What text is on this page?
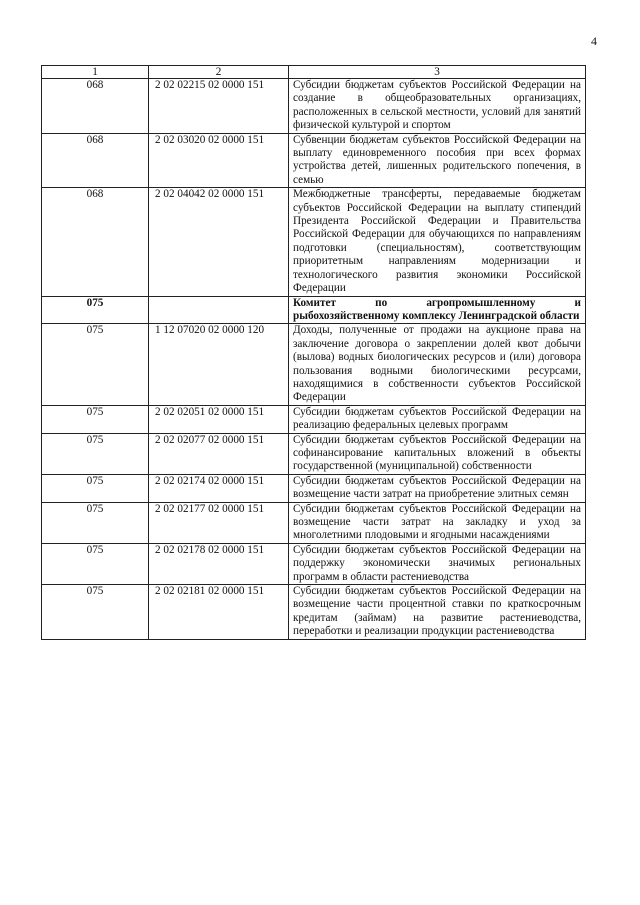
4
1	2	3
068	2 02 02215 02 0000 151	Субсидии бюджетам субъектов Российской Федерации на создание в общеобразовательных организациях, расположенных в сельской местности, условий для занятий физической культурой и спортом
068	2 02 03020 02 0000 151	Субвенции бюджетам субъектов Российской Федерации на выплату единовременного пособия при всех формах устройства детей, лишенных родительского попечения, в семью
068	2 02 04042 02 0000 151	Межбюджетные трансферты, передаваемые бюджетам субъектов Российской Федерации на выплату стипендий Президента Российской Федерации и Правительства Российской Федерации для обучающихся по направлениям подготовки (специальностям), соответствующим приоритетным направлениям модернизации и технологического развития экономики Российской Федерации
075		Комитет по агропромышленному и рыбохозяйственному комплексу Ленинградской области
075	1 12 07020 02 0000 120	Доходы, полученные от продажи на аукционе права на заключение договора о закреплении долей квот добычи (вылова) водных биологических ресурсов и (или) договора пользования водными биологическими ресурсами, находящимися в собственности субъектов Российской Федерации
075	2 02 02051 02 0000 151	Субсидии бюджетам субъектов Российской Федерации на реализацию федеральных целевых программ
075	2 02 02077 02 0000 151	Субсидии бюджетам субъектов Российской Федерации на софинансирование капитальных вложений в объекты государственной (муниципальной) собственности
075	2 02 02174 02 0000 151	Субсидии бюджетам субъектов Российской Федерации на возмещение части затрат на приобретение элитных семян
075	2 02 02177 02 0000 151	Субсидии бюджетам субъектов Российской Федерации на возмещение части затрат на закладку и уход за многолетними плодовыми и ягодными насаждениями
075	2 02 02178 02 0000 151	Субсидии бюджетам субъектов Российской Федерации на поддержку экономически значимых региональных программ в области растениеводства
075	2 02 02181 02 0000 151	Субсидии бюджетам субъектов Российской Федерации на возмещение части процентной ставки по краткосрочным кредитам (займам) на развитие растениеводства, переработки и реализации продукции растениеводства
